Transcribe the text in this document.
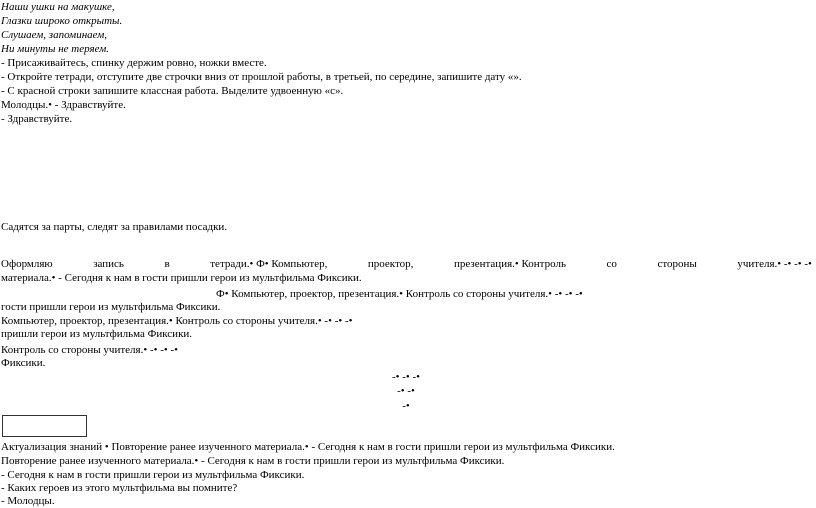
Наши ушки на макушке,
Глазки широко открыты.
Слушаем, запоминаем,
Ни минуты не теряем.
- Присаживайтесь, спинку держим ровно, ножки вместе.
- Откройте тетради, отступите две строчки вниз от прошлой работы, в третьей, по середине, запишите дату «».
- С красной строки запишите классная работа. Выделите удвоенную «с».
Молодцы.• - Здравствуйте.
- Здравствуйте.
Садятся за парты, следят за правилами посадки.
Оформляю	запись	в	тетради.• Ф• Компьютер,	проектор,	презентация.• Контроль	со	стороны	учителя.• -• -• -•
материала.• - Сегодня к нам в гости пришли герои из мультфильма Фиксики.
Ф• Компьютер, проектор, презентация.• Контроль со стороны учителя.• -• -• -•
гости пришли герои из мультфильма Фиксики.
Компьютер, проектор, презентация.• Контроль со стороны учителя.• -• -• -•
пришли герои из мультфильма Фиксики.
Контроль со стороны учителя.• -• -• -•
Фиксики.
-• -• -•
-• -•
-•
Актуализация знаний • Повторение ранее изученного материала.• - Сегодня к нам в гости пришли герои из мультфильма Фиксики.
Повторение ранее изученного материала.• - Сегодня к нам в гости пришли герои из мультфильма Фиксики.
- Сегодня к нам в гости пришли герои из мультфильма Фиксики.
- Каких героев из этого мультфильма вы помните?
- Молодцы.
